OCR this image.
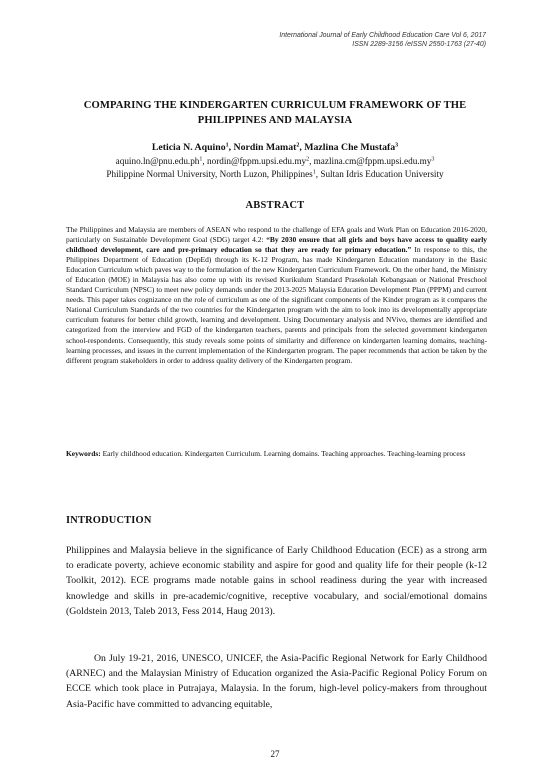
International Journal of Early Childhood Education Care Vol 6, 2017
ISSN 2289-3156 /eISSN 2550-1763 (27-40)
COMPARING THE KINDERGARTEN CURRICULUM FRAMEWORK OF THE
PHILIPPINES AND MALAYSIA
Leticia N. Aquino$^1$, Nordin Mamat$^2$, Mazlina Che Mustafa$^3$
$aquino.\ln@pnu.edu.ph^1$, $nordin@fppm.upsi.edu.my^2$, $mazlina.cm@fppm.upsi.edu.my^3$
Philippine Normal University, North Luzon, Philippines$^1$, Sultan Idris Education University
ABSTRACT

The Philippines and Malaysia are members of ASEAN who respond to the challenge of EFA goals and Work Plan on Education 2016-2020, particularly on Sustainable Development Goal (SDG) target 4.2: “By 2030 ensure that all girls and boys have access to quality early childhood development, care and pre-primary education so that they are ready for primary education.” In response to this, the Philippines Department of Education (DepEd) through its K-12 Program, has made Kindergarten Education mandatory in the Basic Education Curriculum which paves way to the formulation of the new Kindergarten Curriculum Framework. On the other hand, the Ministry of Education (MOE) in Malaysia has also come up with its revised Kurikulum Standard Prasekolah Kebangsaan or National Preschool Standard Curriculum (NPSC) to meet new policy demands under the 2013-2025 Malaysia Education Development Plan (PPPM) and current needs. This paper takes cognizance on the role of curriculum as one of the significant components of the Kinder program as it compares the National Curriculum Standards of the two countries for the Kindergarten program with the aim to look into its developmentally appropriate curriculum features for better child growth, learning and development. Using Documentary analysis and NVivo, themes are identified and categorized from the interview and FGD of the kindergarten teachers, parents and principals from the selected government kindergarten school-respondents. Consequently, this study reveals some points of similarity and difference on kindergarten learning domains, teaching-learning processes, and issues in the current implementation of the Kindergarten program. The paper recommends that action be taken by the different program stakeholders in order to address quality delivery of the Kindergarten program.

Keywords: Early childhood education. Kindergarten Curriculum. Learning domains. Teaching approaches. Teaching-learning process

INTRODUCTION

Philippines and Malaysia believe in the significance of Early Childhood Education (ECE) as a strong arm to eradicate poverty, achieve economic stability and aspire for good and quality life for their people (k-12 Toolkit, 2012). ECE programs made notable gains in school readiness during the year with increased knowledge and skills in pre-academic/cognitive, receptive vocabulary, and social/emotional domains (Goldstein 2013, Taleb 2013, Fess 2014, Haug 2013).

On July 19-21, 2016, UNESCO, UNICEF, the Asia-Pacific Regional Network for Early Childhood (ARNEC) and the Malaysian Ministry of Education organized the Asia-Pacific Regional Policy Forum on ECCE which took place in Putrajaya, Malaysia. In the forum, high-level policy-makers from throughout Asia-Pacific have committed to advancing equitable,

27
